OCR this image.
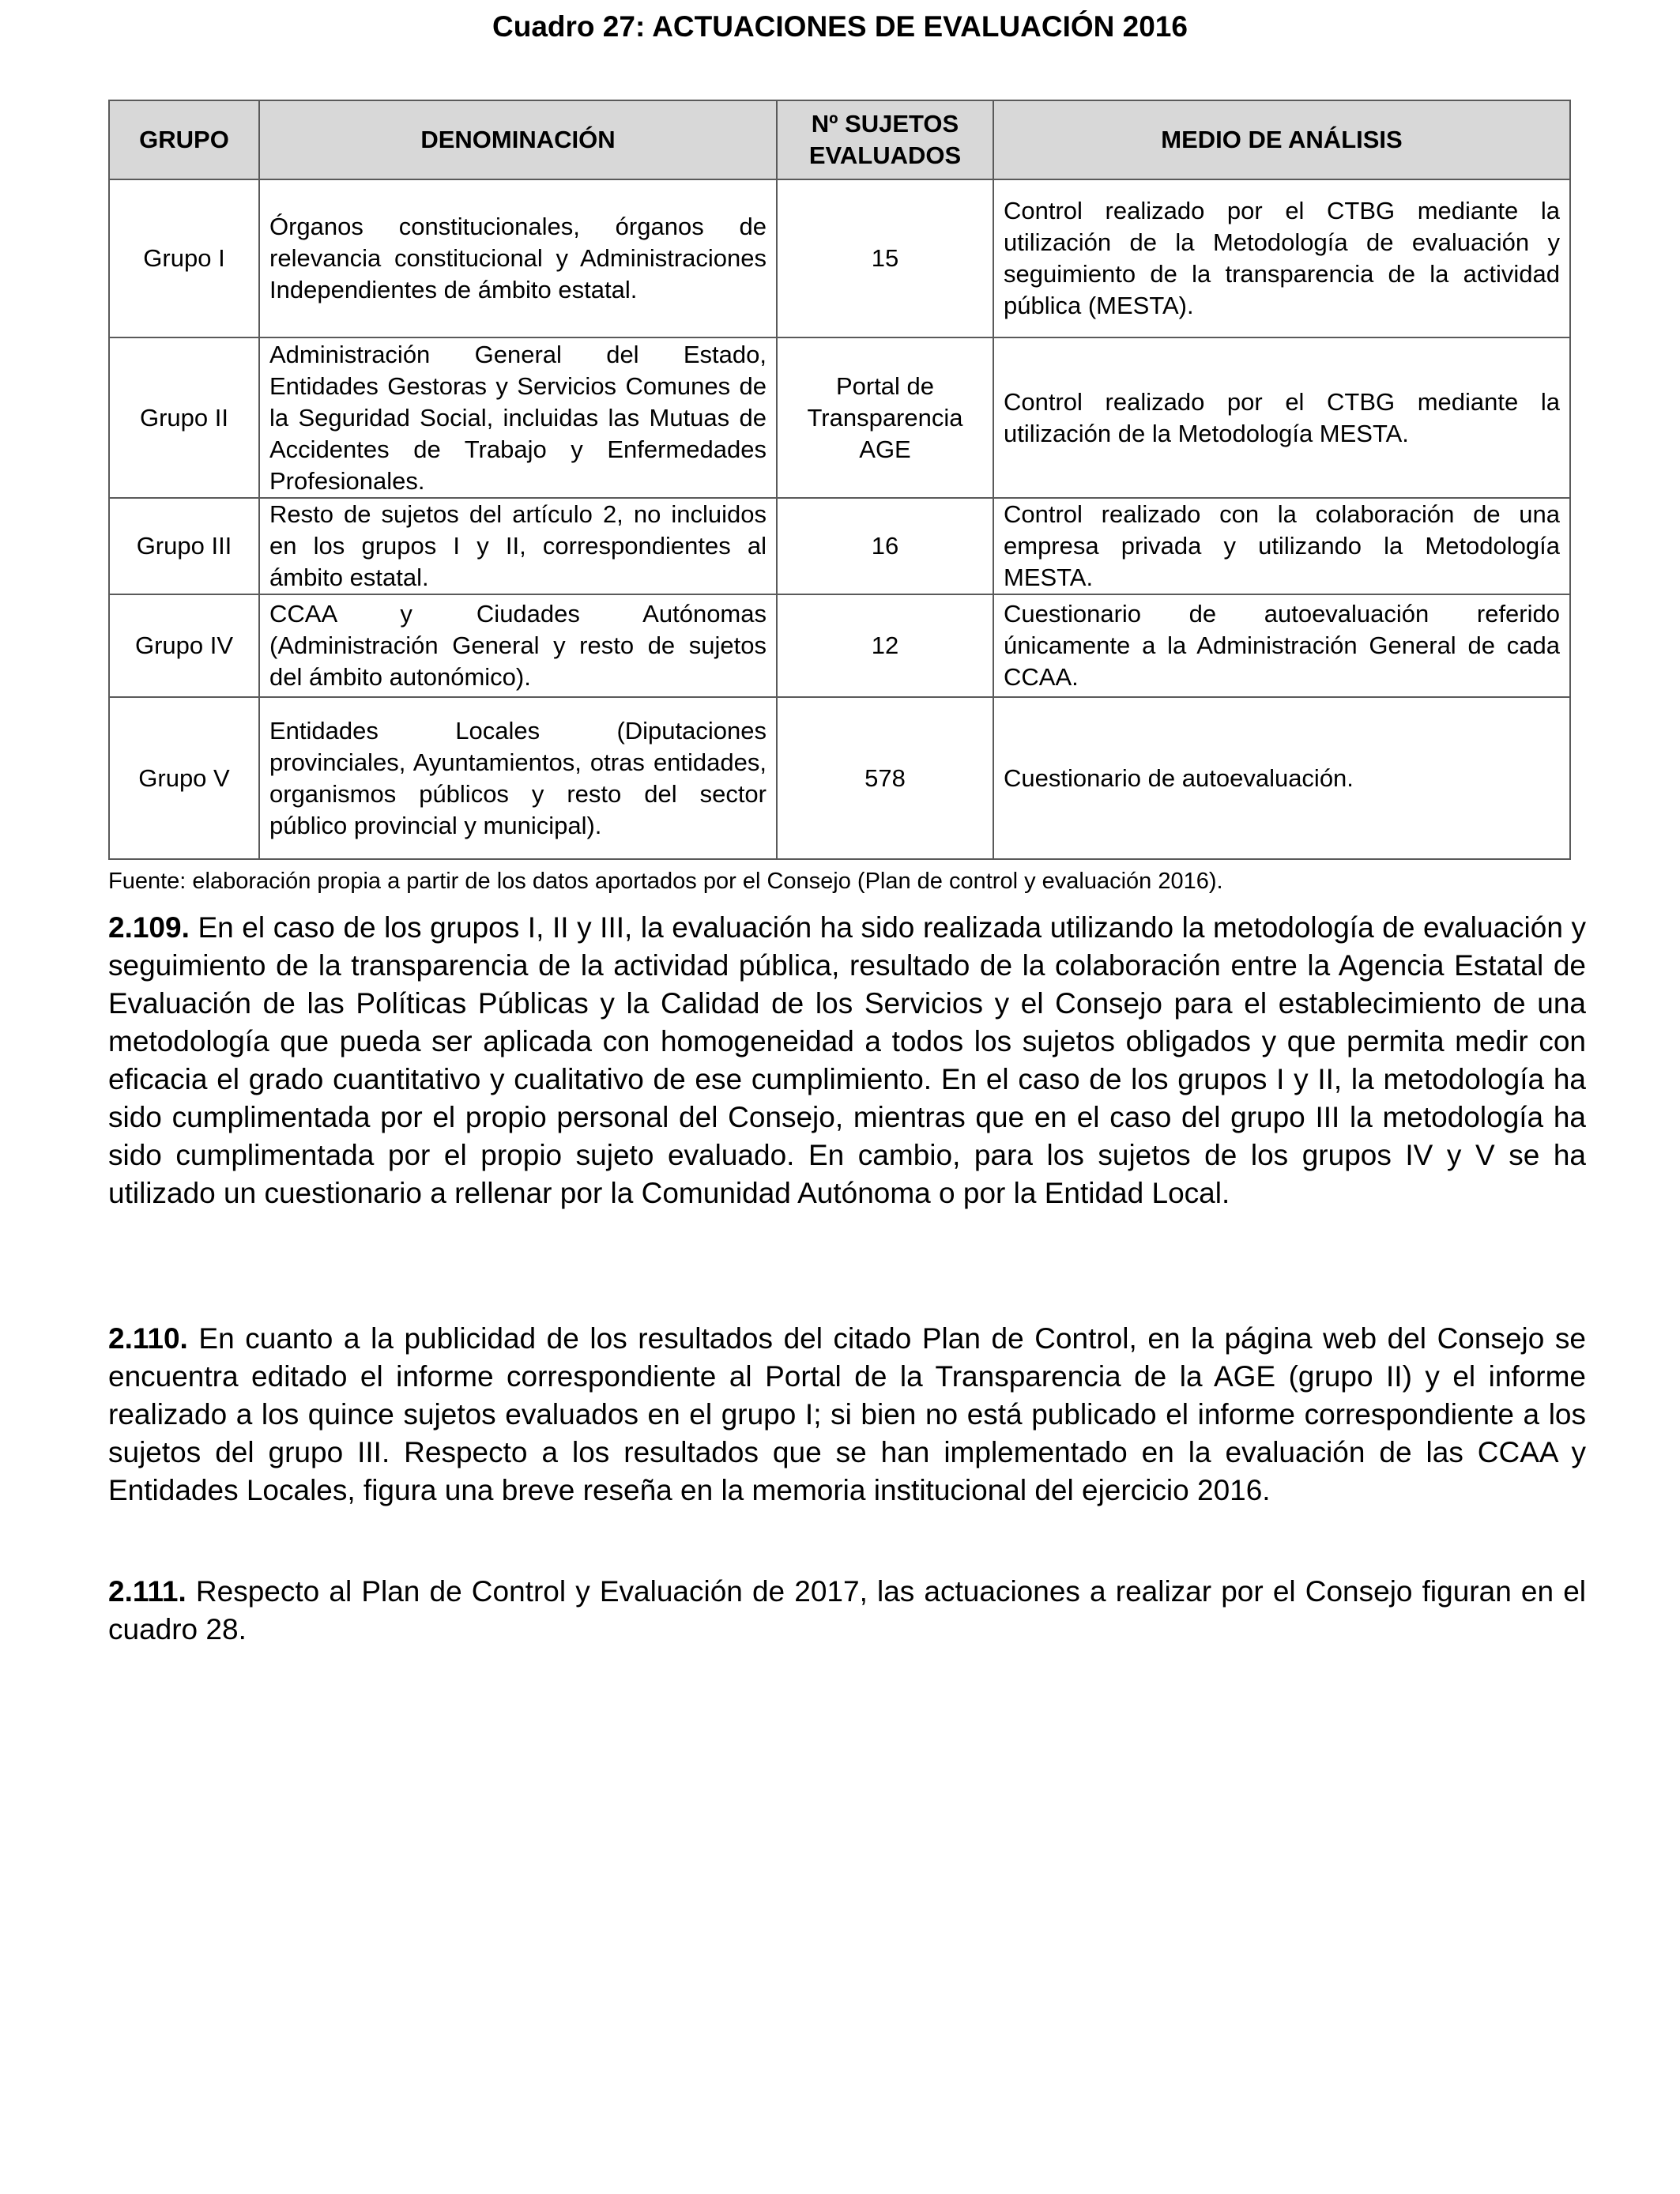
Cuadro 27: ACTUACIONES DE EVALUACIÓN 2016
GRUPO	DENOMINACIÓN	Nº SUJETOS EVALUADOS	MEDIO DE ANÁLISIS
Grupo I	Órganos constitucionales, órganos de relevancia constitucional y Administraciones Independientes de ámbito estatal.	15	Control realizado por el CTBG mediante la utilización de la Metodología de evaluación y seguimiento de la transparencia de la actividad pública (MESTA).
Grupo II	Administración General del Estado, Entidades Gestoras y Servicios Comunes de la Seguridad Social, incluidas las Mutuas de Accidentes de Trabajo y Enfermedades Profesionales.	Portal de Transparencia AGE	Control realizado por el CTBG mediante la utilización de la Metodología MESTA.
Grupo III	Resto de sujetos del artículo 2, no incluidos en los grupos I y II, correspondientes al ámbito estatal.	16	Control realizado con la colaboración de una empresa privada y utilizando la Metodología MESTA.
Grupo IV	CCAA y Ciudades Autónomas (Administración General y resto de sujetos del ámbito autonómico).	12	Cuestionario de autoevaluación referido únicamente a la Administración General de cada CCAA.
Grupo V	Entidades Locales (Diputaciones provinciales, Ayuntamientos, otras entidades, organismos públicos y resto del sector público provincial y municipal).	578	Cuestionario de autoevaluación.
Fuente: elaboración propia a partir de los datos aportados por el Consejo (Plan de control y evaluación 2016).

2.109. En el caso de los grupos I, II y III, la evaluación ha sido realizada utilizando la metodología de evaluación y seguimiento de la transparencia de la actividad pública, resultado de la colaboración entre la Agencia Estatal de Evaluación de las Políticas Públicas y la Calidad de los Servicios y el Consejo para el establecimiento de una metodología que pueda ser aplicada con homogeneidad a todos los sujetos obligados y que permita medir con eficacia el grado cuantitativo y cualitativo de ese cumplimiento. En el caso de los grupos I y II, la metodología ha sido cumplimentada por el propio personal del Consejo, mientras que en el caso del grupo III la metodología ha sido cumplimentada por el propio sujeto evaluado. En cambio, para los sujetos de los grupos IV y V se ha utilizado un cuestionario a rellenar por la Comunidad Autónoma o por la Entidad Local.

2.110. En cuanto a la publicidad de los resultados del citado Plan de Control, en la página web del Consejo se encuentra editado el informe correspondiente al Portal de la Transparencia de la AGE (grupo II) y el informe realizado a los quince sujetos evaluados en el grupo I; si bien no está publicado el informe correspondiente a los sujetos del grupo III. Respecto a los resultados que se han implementado en la evaluación de las CCAA y Entidades Locales, figura una breve reseña en la memoria institucional del ejercicio 2016.

2.111. Respecto al Plan de Control y Evaluación de 2017, las actuaciones a realizar por el Consejo figuran en el cuadro 28.
